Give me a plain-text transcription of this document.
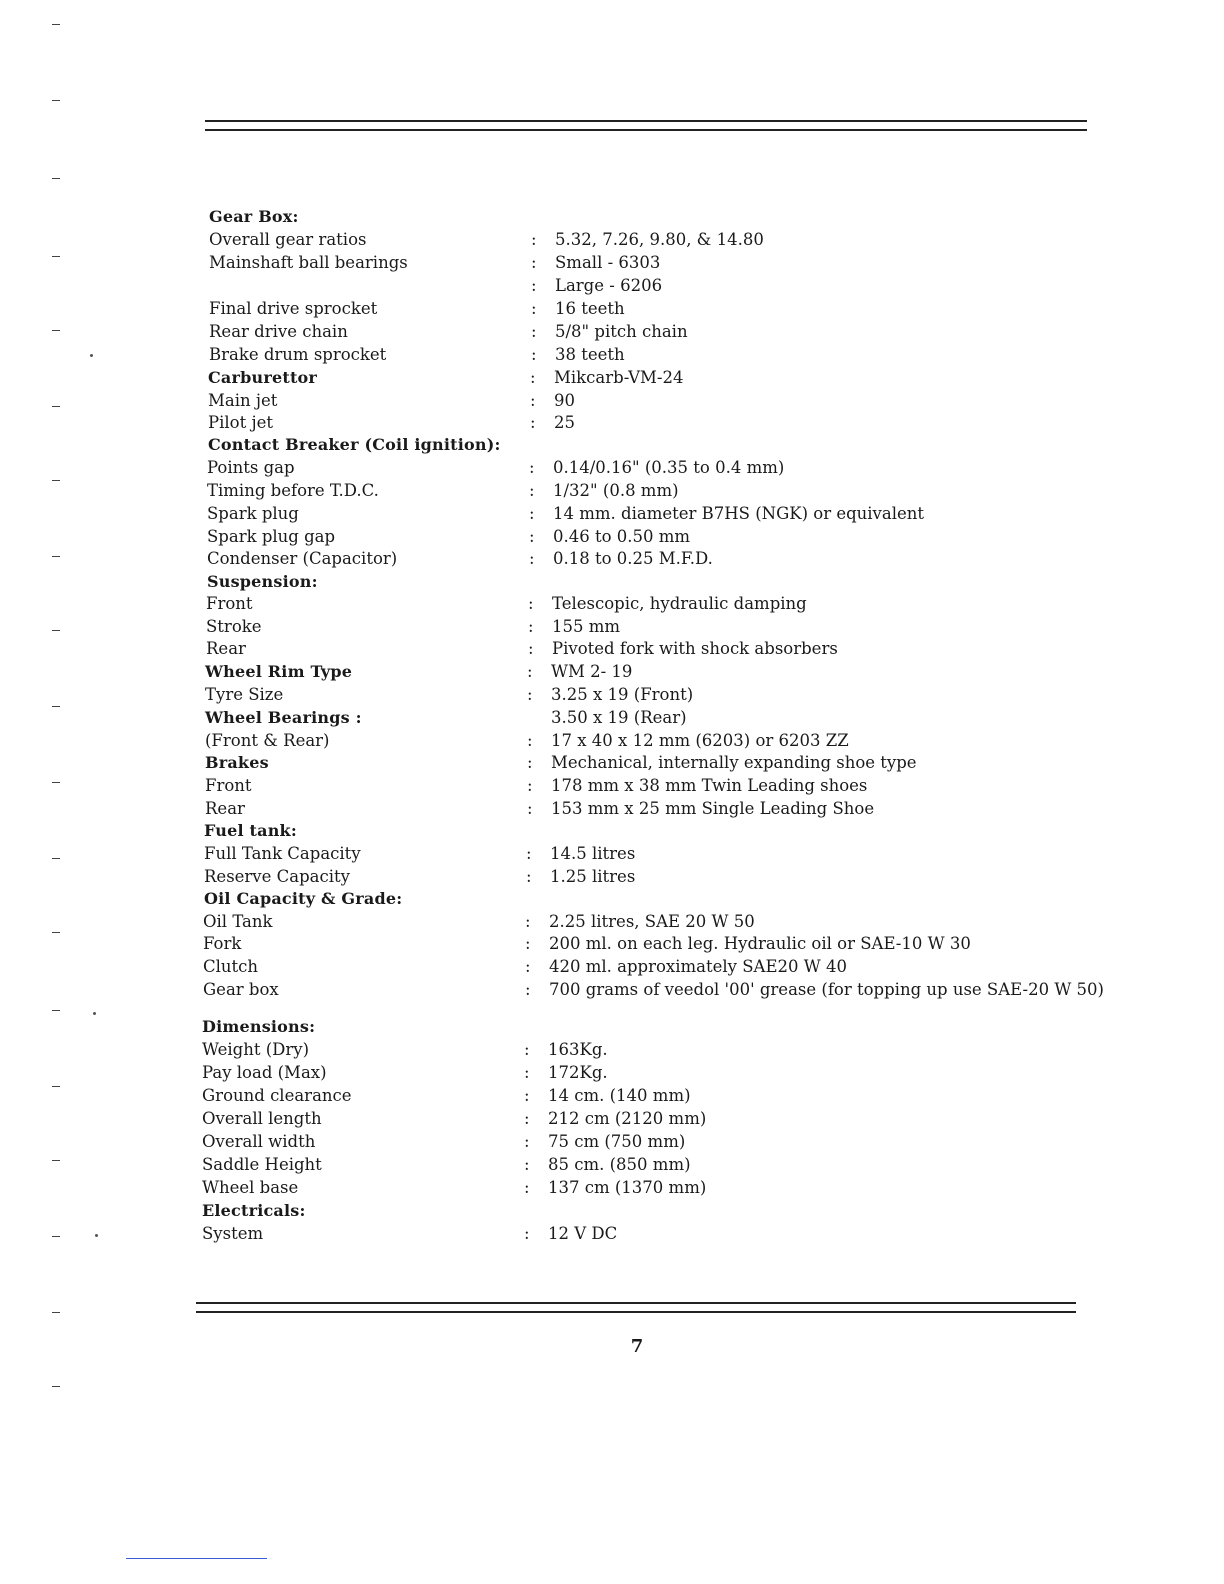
Gear Box:
Overall gear ratios	: 5.32, 7.26, 9.80, & 14.80
Mainshaft ball bearings	: Small - 6303
: Large - 6206
Final drive sprocket	: 16 teeth
Rear drive chain	: 5/8" pitch chain
Brake drum sprocket	: 38 teeth
Carburettor	: Mikcarb-VM-24
Main jet	: 90
Pilot jet	: 25
Contact Breaker (Coil ignition):
Points gap	: 0.14/0.16" (0.35 to 0.4 mm)
Timing before T.D.C.	: 1/32" (0.8 mm)
Spark plug	: 14 mm. diameter B7HS (NGK) or equivalent
Spark plug gap	: 0.46 to 0.50 mm
Condenser (Capacitor)	: 0.18 to 0.25 M.F.D.
Suspension:
Front	: Telescopic, hydraulic damping
Stroke	: 155 mm
Rear	: Pivoted fork with shock absorbers
Wheel Rim Type	: WM 2- 19
Tyre Size	: 3.25 x 19 (Front)
Wheel Bearings :	3.50 x 19 (Rear)
(Front & Rear)	: 17 x 40 x 12 mm (6203) or 6203 ZZ
Brakes	: Mechanical, internally expanding shoe type
Front	: 178 mm x 38 mm Twin Leading shoes
Rear	: 153 mm x 25 mm Single Leading Shoe
Fuel tank:
Full Tank Capacity	: 14.5 litres
Reserve Capacity	: 1.25 litres
Oil Capacity & Grade:
Oil Tank	: 2.25 litres, SAE 20 W 50
Fork	: 200 ml. on each leg. Hydraulic oil or SAE-10 W 30
Clutch	: 420 ml. approximately SAE20 W 40
Gear box	: 700 grams of veedol '00' grease (for topping up use SAE-20 W 50)
Dimensions:
Weight (Dry)	: 163Kg.
Pay load (Max)	: 172Kg.
Ground clearance	: 14 cm. (140 mm)
Overall length	: 212 cm (2120 mm)
Overall width	: 75 cm (750 mm)
Saddle Height	: 85 cm. (850 mm)
Wheel base	: 137 cm (1370 mm)
Electricals:
System	: 12 V DC
7
